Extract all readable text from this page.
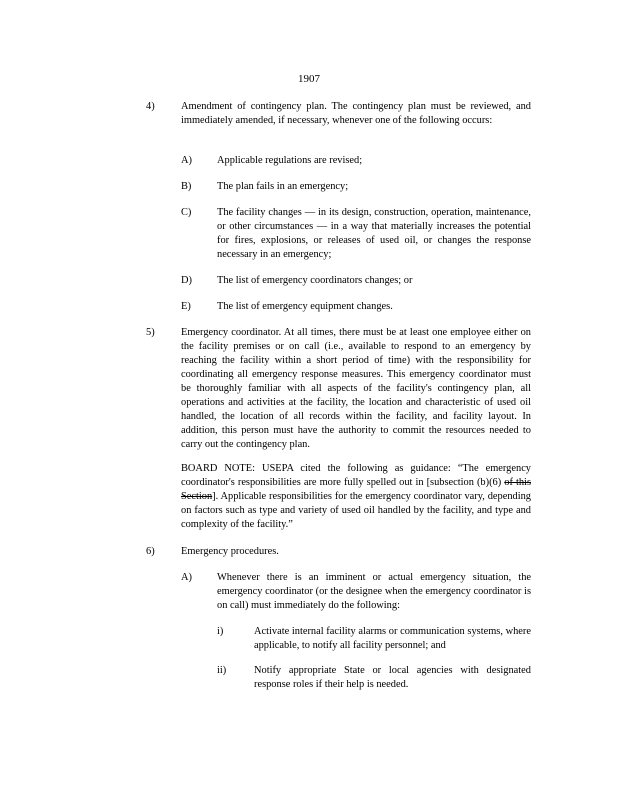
1907
4)	Amendment of contingency plan. The contingency plan must be reviewed, and immediately amended, if necessary, whenever one of the following occurs:
A) Applicable regulations are revised;
B) The plan fails in an emergency;
C) The facility changes — in its design, construction, operation, maintenance, or other circumstances — in a way that materially increases the potential for fires, explosions, or releases of used oil, or changes the response necessary in an emergency;
D) The list of emergency coordinators changes; or
E)	The list of emergency equipment changes.
5)	Emergency coordinator. At all times, there must be at least one employee either on the facility premises or on call (i.e., available to respond to an emergency by reaching the facility within a short period of time) with the responsibility for coordinating all emergency response measures. This emergency coordinator must be thoroughly familiar with all aspects of the facility's contingency plan, all operations and activities at the facility, the location and characteristic of used oil handled, the location of all records within the facility, and facility layout. In addition, this person must have the authority to commit the resources needed to carry out the contingency plan.
BOARD NOTE: USEPA cited the following as guidance: “The emergency coordinator's responsibilities are more fully spelled out in [subsection (b)(6) of this Section]. Applicable responsibilities for the emergency coordinator vary, depending on factors such as type and variety of used oil handled by the facility, and type and complexity of the facility.”
6)	Emergency procedures.
A) Whenever there is an imminent or actual emergency situation, the emergency coordinator (or the designee when the emergency coordinator is on call) must immediately do the following:
i)	Activate internal facility alarms or communication systems, where applicable, to notify all facility personnel; and
ii)	Notify appropriate State or local agencies with designated response roles if their help is needed.
